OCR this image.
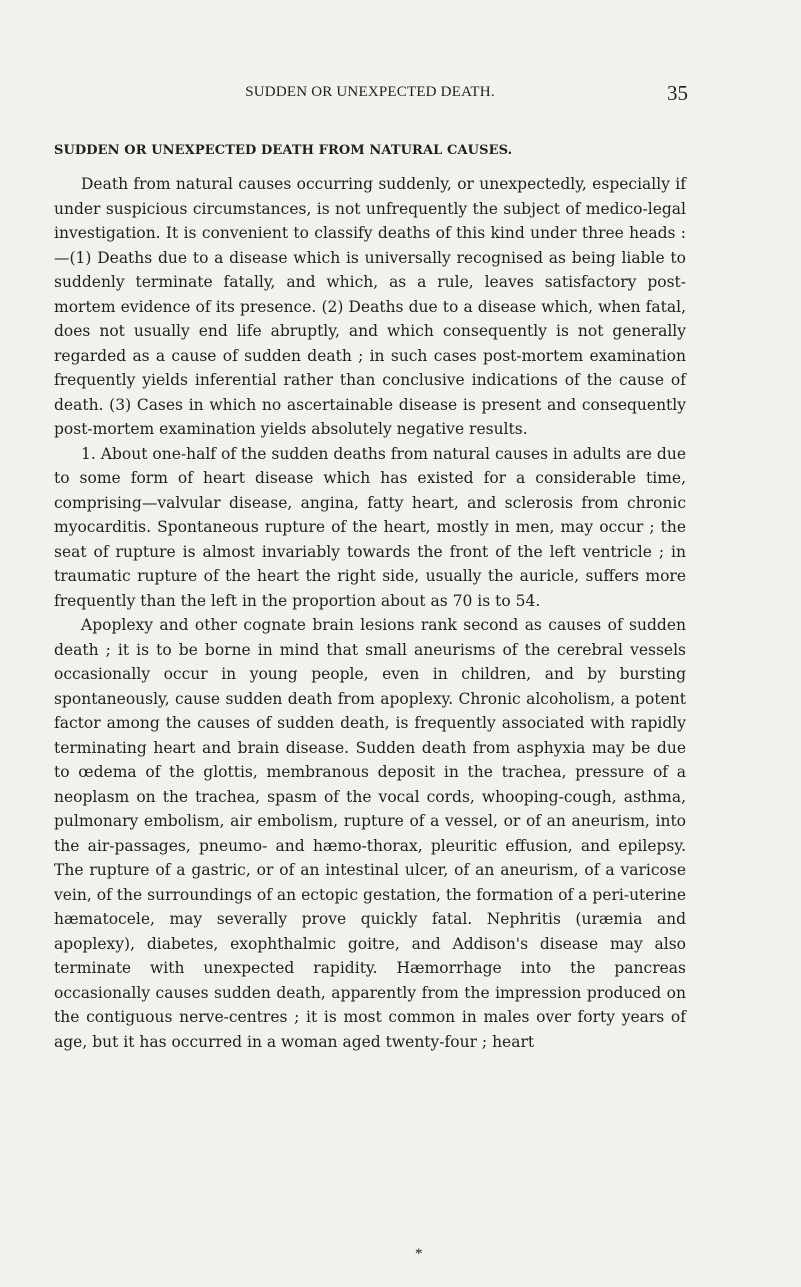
SUDDEN OR UNEXPECTED DEATH.	35
SUDDEN OR UNEXPECTED DEATH FROM NATURAL CAUSES.

Death from natural causes occurring suddenly, or unexpectedly, especially if under suspicious circumstances, is not unfrequently the subject of medico-legal investigation. It is convenient to classify deaths of this kind under three heads :—(1) Deaths due to a disease which is universally recognised as being liable to suddenly terminate fatally, and which, as a rule, leaves satisfactory post-mortem evidence of its presence. (2) Deaths due to a disease which, when fatal, does not usually end life abruptly, and which consequently is not generally regarded as a cause of sudden death ; in such cases post-mortem examination frequently yields inferential rather than conclusive indications of the cause of death. (3) Cases in which no ascertainable disease is present and consequently post-mortem examination yields absolutely negative results.

1. About one-half of the sudden deaths from natural causes in adults are due to some form of heart disease which has existed for a considerable time, comprising—valvular disease, angina, fatty heart, and sclerosis from chronic myocarditis. Spontaneous rupture of the heart, mostly in men, may occur ; the seat of rupture is almost invariably towards the front of the left ventricle ; in traumatic rupture of the heart the right side, usually the auricle, suffers more frequently than the left in the proportion about as 70 is to 54.

Apoplexy and other cognate brain lesions rank second as causes of sudden death ; it is to be borne in mind that small aneurisms of the cerebral vessels occasionally occur in young people, even in children, and by bursting spontaneously, cause sudden death from apoplexy. Chronic alcoholism, a potent factor among the causes of sudden death, is frequently associated with rapidly terminating heart and brain disease. Sudden death from asphyxia may be due to œdema of the glottis, membranous deposit in the trachea, pressure of a neoplasm on the trachea, spasm of the vocal cords, whooping-cough, asthma, pulmonary embolism, air embolism, rupture of a vessel, or of an aneurism, into the air-passages, pneumo- and hæmo-thorax, pleuritic effusion, and epilepsy. The rupture of a gastric, or of an intestinal ulcer, of an aneurism, of a varicose vein, of the surroundings of an ectopic gestation, the formation of a peri-uterine hæmatocele, may severally prove quickly fatal. Nephritis (uræmia and apoplexy), diabetes, exophthalmic goitre, and Addison's disease may also terminate with unexpected rapidity. Hæmorrhage into the pancreas occasionally causes sudden death, apparently from the impression produced on the contiguous nerve-centres ; it is most common in males over forty years of age, but it has occurred in a woman aged twenty-four ; heart

*
